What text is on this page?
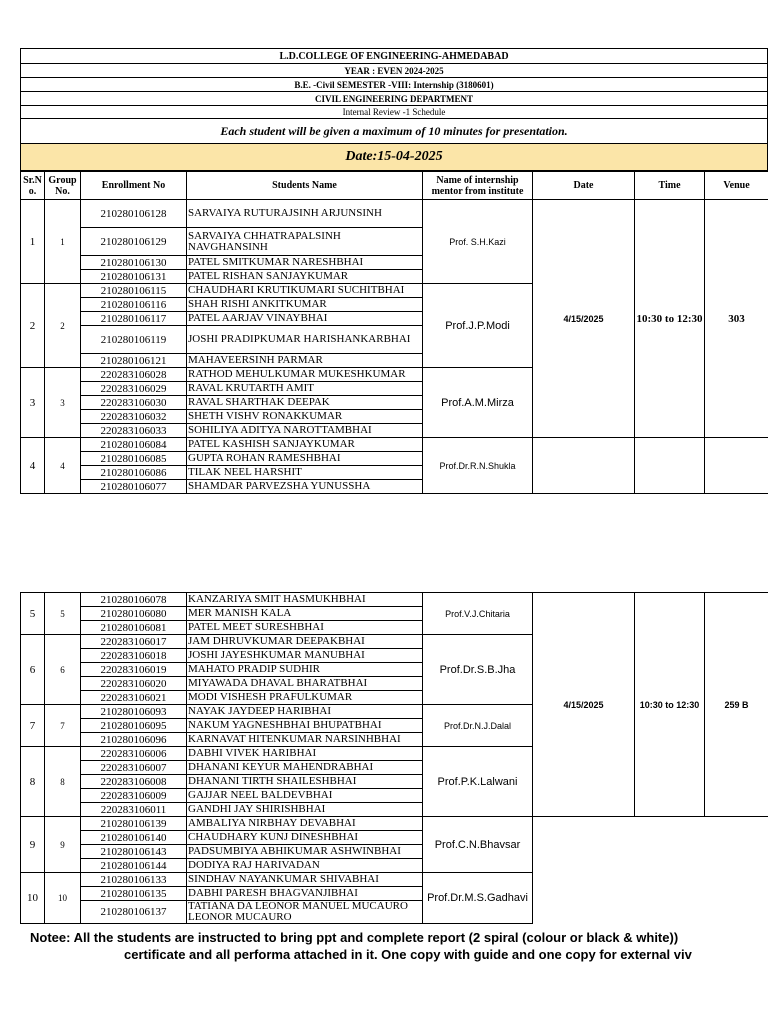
L.D.COLLEGE OF ENGINEERING-AHMEDABAD
YEAR : EVEN 2024-2025
B.E. -Civil SEMESTER -VIII: Internship (3180601)
CIVIL ENGINEERING DEPARTMENT
Internal Review -1 Schedule
Each student will be given a maximum of 10 minutes for presentation.
Date:15-04-2025
Sr.N o.	Group No.	Enrollment No	Students Name	Name of internship mentor from institute	Date	Time	Venue
1	1	210280106128	SARVAIYA RUTURAJSINH ARJUNSINH	Prof. S.H.Kazi	4/15/2025	10:30 to 12:30	303
		210280106129	SARVAIYA CHHATRAPALSINH NAVGHANSINH				
		210280106130	PATEL SMITKUMAR NARESHBHAI				
		210280106131	PATEL RISHAN SANJAYKUMAR				
2	2	210280106115	CHAUDHARI KRUTIKUMARI SUCHITBHAI	Prof.J.P.Modi			
		210280106116	SHAH RISHI ANKITKUMAR				
		210280106117	PATEL AARJAV VINAYBHAI				
		210280106119	JOSHI PRADIPKUMAR HARISHANKARBHAI				
		210280106121	MAHAVEERSINH PARMAR				
3	3	220283106028	RATHOD MEHULKUMAR MUKESHKUMAR	Prof.A.M.Mirza			
		220283106029	RAVAL KRUTARTH AMIT				
		220283106030	RAVAL SHARTHAK DEEPAK				
		220283106032	SHETH VISHV RONAKKUMAR				
		220283106033	SOHILIYA ADITYA NAROTTAMBHAI				
4	4	210280106084	PATEL KASHISH SANJAYKUMAR	Prof.Dr.R.N.Shukla			
		210280106085	GUPTA ROHAN RAMESHBHAI				
		210280106086	TILAK NEEL HARSHIT				
		210280106077	SHAMDAR PARVEZSHA YUNUSSHA				
5	5	210280106078	KANZARIYA SMIT HASMUKHBHAI	Prof.V.J.Chitaria	4/15/2025	10:30 to 12:30	259 B	
		210280106080	MER MANISH KALA					
		210280106081	PATEL MEET SURESHBHAI					
6	6	220283106017	JAM DHRUVKUMAR DEEPAKBHAI	Prof.Dr.S.B.Jha				
		220283106018	JOSHI JAYESHKUMAR MANUBHAI					
		220283106019	MAHATO PRADIP SUDHIR					
		220283106020	MIYAWADA DHAVAL BHARATBHAI					
		220283106021	MODI VISHESH PRAFULKUMAR					
7	7	210280106093	NAYAK JAYDEEP HARIBHAI	Prof.Dr.N.J.Dalal				
		210280106095	NAKUM YAGNESHBHAI BHUPATBHAI					
		210280106096	KARNAVAT HITENKUMAR NARSINHBHAI					
8	8	220283106006	DABHI VIVEK HARIBHAI	Prof.P.K.Lalwani			
		220283106007	DHANANI KEYUR MAHENDRABHAI					
		220283106008	DHANANI TIRTH SHAILESHBHAI					
		220283106009	GAJJAR NEEL BALDEVBHAI					
		220283106011	GANDHI JAY SHIRISHBHAI					
9	9	210280106139	AMBALIYA NIRBHAY DEVABHAI	Prof.C.N.Bhavsar				
		210280106140	CHAUDHARY KUNJ DINESHBHAI					
		210280106143	PADSUMBIYA ABHIKUMAR ASHWINBHAI					
		210280106144	DODIYA RAJ HARIVADAN					
10	10	210280106133	SINDHAV NAYANKUMAR SHIVABHAI	Prof.Dr.M.S.Gadhavi				
		210280106135	DABHI PARESH BHAGVANJIBHAI					
		210280106137	TATIANA DA LEONOR MANUEL MUCAURO LEONOR MUCAURO					
Notee: All the students are instructed to bring ppt and complete report (2 spiral (colour or black & white))
certificate and all performa attached in it. One copy with guide and one copy for external viv
